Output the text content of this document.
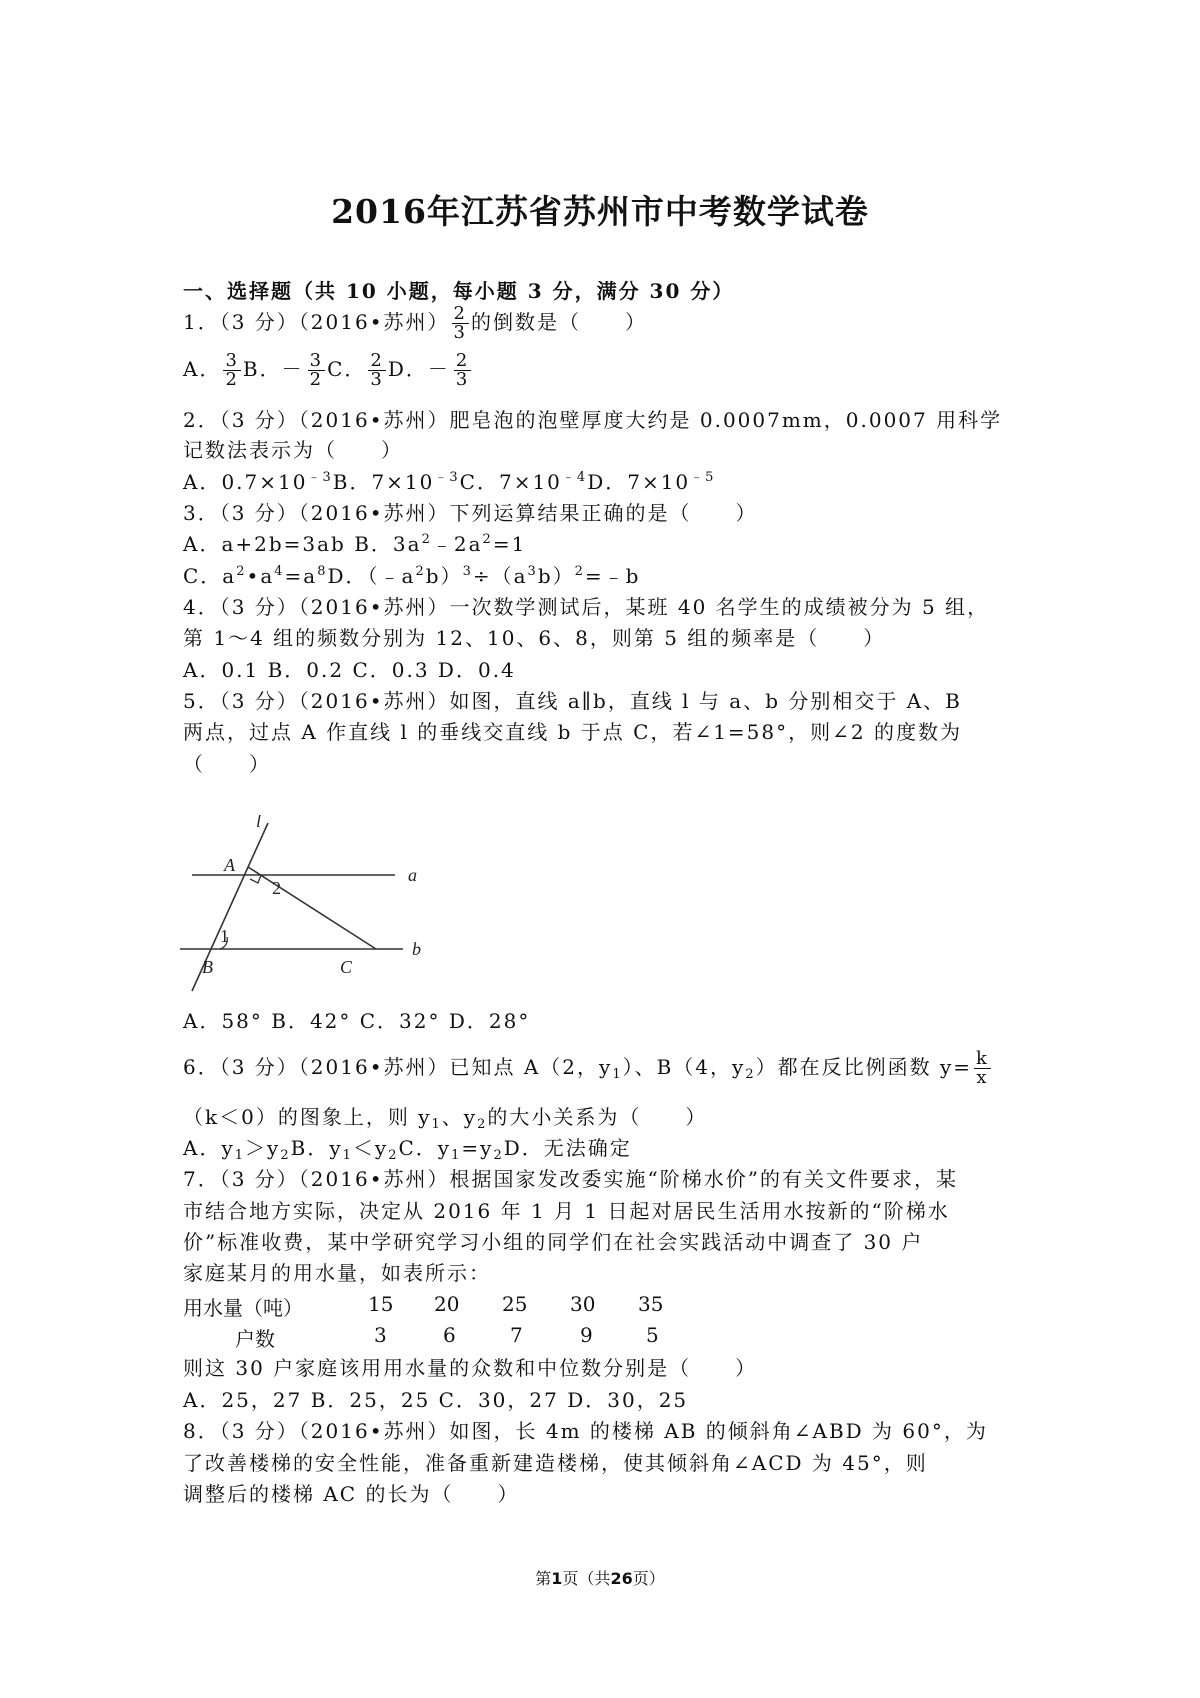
2016年江苏省苏州市中考数学试卷
一、选择题（共 10 小题，每小题 3 分，满分 30 分）
1．（3 分）（2016•苏州） $\frac{2}{3}$ 的倒数是（　　）
A． $\frac{3}{2}$ B．－ $\frac{3}{2}$ C． $\frac{2}{3}$ D．－ $\frac{2}{3}$
2．（3 分）（2016•苏州）肥皂泡的泡壁厚度大约是 0.0007mm，0.0007 用科学
记数法表示为（　　）
A．$0.7\times 10^{﹣3}B$．$7\times 10^{﹣3}C$．$7\times 10^{﹣4}D$．$7\times 10^{﹣5}$
3．（3 分）（2016•苏州）下列运算结果正确的是（　　）
A．a+2b=3ab B．$3a^2﹣2a^2=1$
C．$a^2•a^4=a^8D$．$(﹣a^2b)^3\div(a^3b)^2=﹣b$
4．（3 分）（2016•苏州）一次数学测试后，某班 40 名学生的成绩被分为 5 组，
第 1～4 组的频数分别为 12、10、6、8，则第 5 组的频率是（　　）
A．0.1 B．0.2 C．0.3 D．0.4
5．（3 分）（2016•苏州）如图，直线 a∥b，直线 l 与 a、b 分别相交于 A、B
两点，过点 A 作直线 l 的垂线交直线 b 于点 C，若∠1=58°，则∠2 的度数为
（　　）
l
A
2
a
1
B	C
b
A．58° B．42° C．32° D．28°
6．（3 分）（2016•苏州）已知点 A（2，$y_1$）、B（4，$y_2$）都在反比例函数 $y= \frac{k}{x}$
（k＜0）的图象上，则 $y_1$、$y_2$的大小关系为（　　）
A．$y_1>y_2B$．$y_1<y_2C$．$y_1=y_2D$．无法确定
7．（3 分）（2016•苏州）根据国家发改委实施“阶梯水价”的有关文件要求，某
市结合地方实际，决定从 2016 年 1 月 1 日起对居民生活用水按新的“阶梯水
价”标准收费，某中学研究学习小组的同学们在社会实践活动中调查了 30 户
家庭某月的用水量，如表所示：
用水量（吨）	15 20 25 30 35
户数	3	6	7	9	5
则这 30 户家庭该用用水量的众数和中位数分别是（　　）
A．25，27 B．25，25 C．30，27 D．30，25
8．（3 分）（2016•苏州）如图，长 4m 的楼梯 AB 的倾斜角∠ABD 为 60°，为
了改善楼梯的安全性能，准备重新建造楼梯，使其倾斜角∠ACD 为 45°，则
调整后的楼梯 AC 的长为（　　）
第1页（共26页）
